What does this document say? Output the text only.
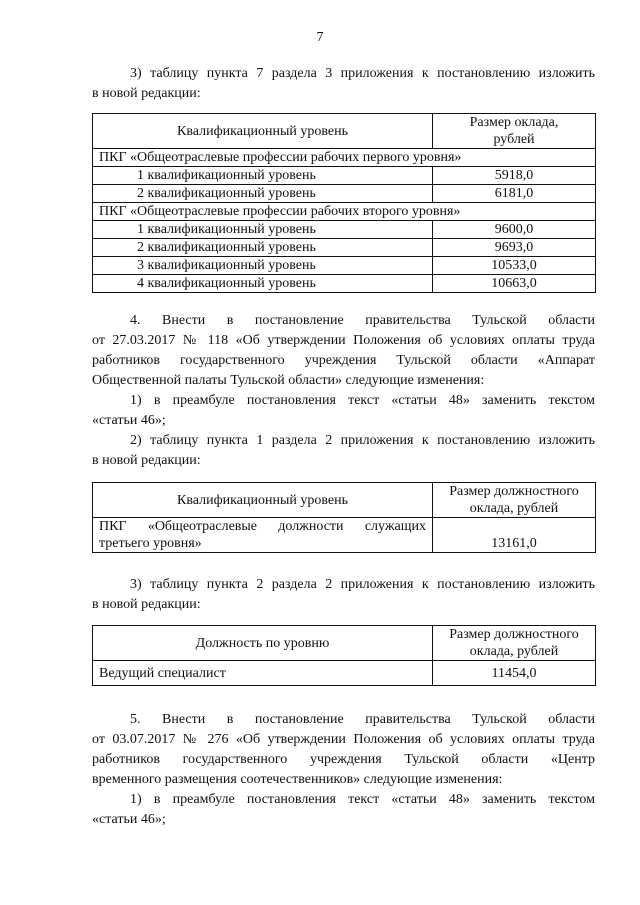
7

3) таблицу пункта 7 раздела 3 приложения к постановлению изложить
в новой редакции:

Квалификационный уровень	Размер оклада,
рублей
ПКГ «Общеотраслевые профессии рабочих первого уровня»	
1 квалификационный уровень	5918,0
2 квалификационный уровень	6181,0
ПКГ «Общеотраслевые профессии рабочих второго уровня»	
1 квалификационный уровень	9600,0
2 квалификационный уровень	9693,0
3 квалификационный уровень	10533,0
4 квалификационный уровень	10663,0

4. Внести в постановление правительства Тульской области
от 27.03.2017 № 118 «Об утверждении Положения об условиях оплаты труда
работников государственного учреждения Тульской области «Аппарат
Общественной палаты Тульской области» следующие изменения:

1) в преамбуле постановления текст «статьи 48» заменить текстом
«статьи 46»;

2) таблицу пункта 1 раздела 2 приложения к постановлению изложить
в новой редакции:

Квалификационный уровень	Размер должностного
оклада, рублей

ПКГ «Общеотраслевые должности служащих
третьего уровня»	13161,0

3) таблицу пункта 2 раздела 2 приложения к постановлению изложить
в новой редакции:

Должность по уровню	Размер должностного
оклада, рублей
Ведущий специалист	11454,0

5. Внести в постановление правительства Тульской области
от 03.07.2017 № 276 «Об утверждении Положения об условиях оплаты труда
работников государственного учреждения Тульской области «Центр
временного размещения соотечественников» следующие изменения:

1) в преамбуле постановления текст «статьи 48» заменить текстом
«статьи 46»;
